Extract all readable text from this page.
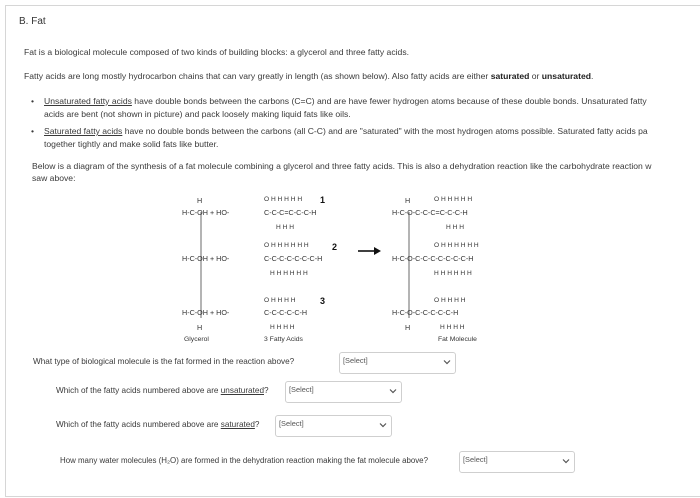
B. Fat
Fat is a biological molecule composed of two kinds of building blocks: a glycerol and three fatty acids.
Fatty acids are long mostly hydrocarbon chains that can vary greatly in length (as shown below). Also fatty acids are either saturated or unsaturated.
• Unsaturated fatty acids have double bonds between the carbons (C=C) and are have fewer hydrogen atoms because of these double bonds. Unsaturated fatty
acids are bent (not shown in picture) and pack loosely making liquid fats like oils.
• Saturated fatty acids have no double bonds between the carbons (all C-C) and are "saturated" with the most hydrogen atoms possible. Saturated fatty acids pa
together tightly and make solid fats like butter.
Below is a diagram of the synthesis of a fat molecule combining a glycerol and three fatty acids. This is also a dehydration reaction like the carbohydrate reaction w
saw above:
H
H
O H H H H H
H-C-OH + HO-	C-C-C=C-C-C-H
H H H
1
O H H H H H H
H-C-OH + HO-	C-C-C-C-C-C-C-H
H H H H H H
2
O H H H H
H-C-OH + HO-	C-C-C-C-C-H
H H H H
3
Glycerol	3 Fatty Acids
H
H
O H H H H H
H-C-O-C-C-C=C-C-C-H
H H H
O H H H H H H
H-C-O-C-C-C-C-C-C-C-H
H H H H H H
O H H H H
H-C-O-C-C-C-C-C-H
H H H H
Fat Molecule
What type of biological molecule is the fat formed in the reaction above?	[Select]
Which of the fatty acids numbered above are unsaturated?	[Select]
Which of the fatty acids numbered above are saturated?	[Select]
How many water molecules (H₂O) are formed in the dehydration reaction making the fat molecule above?	[Select]
